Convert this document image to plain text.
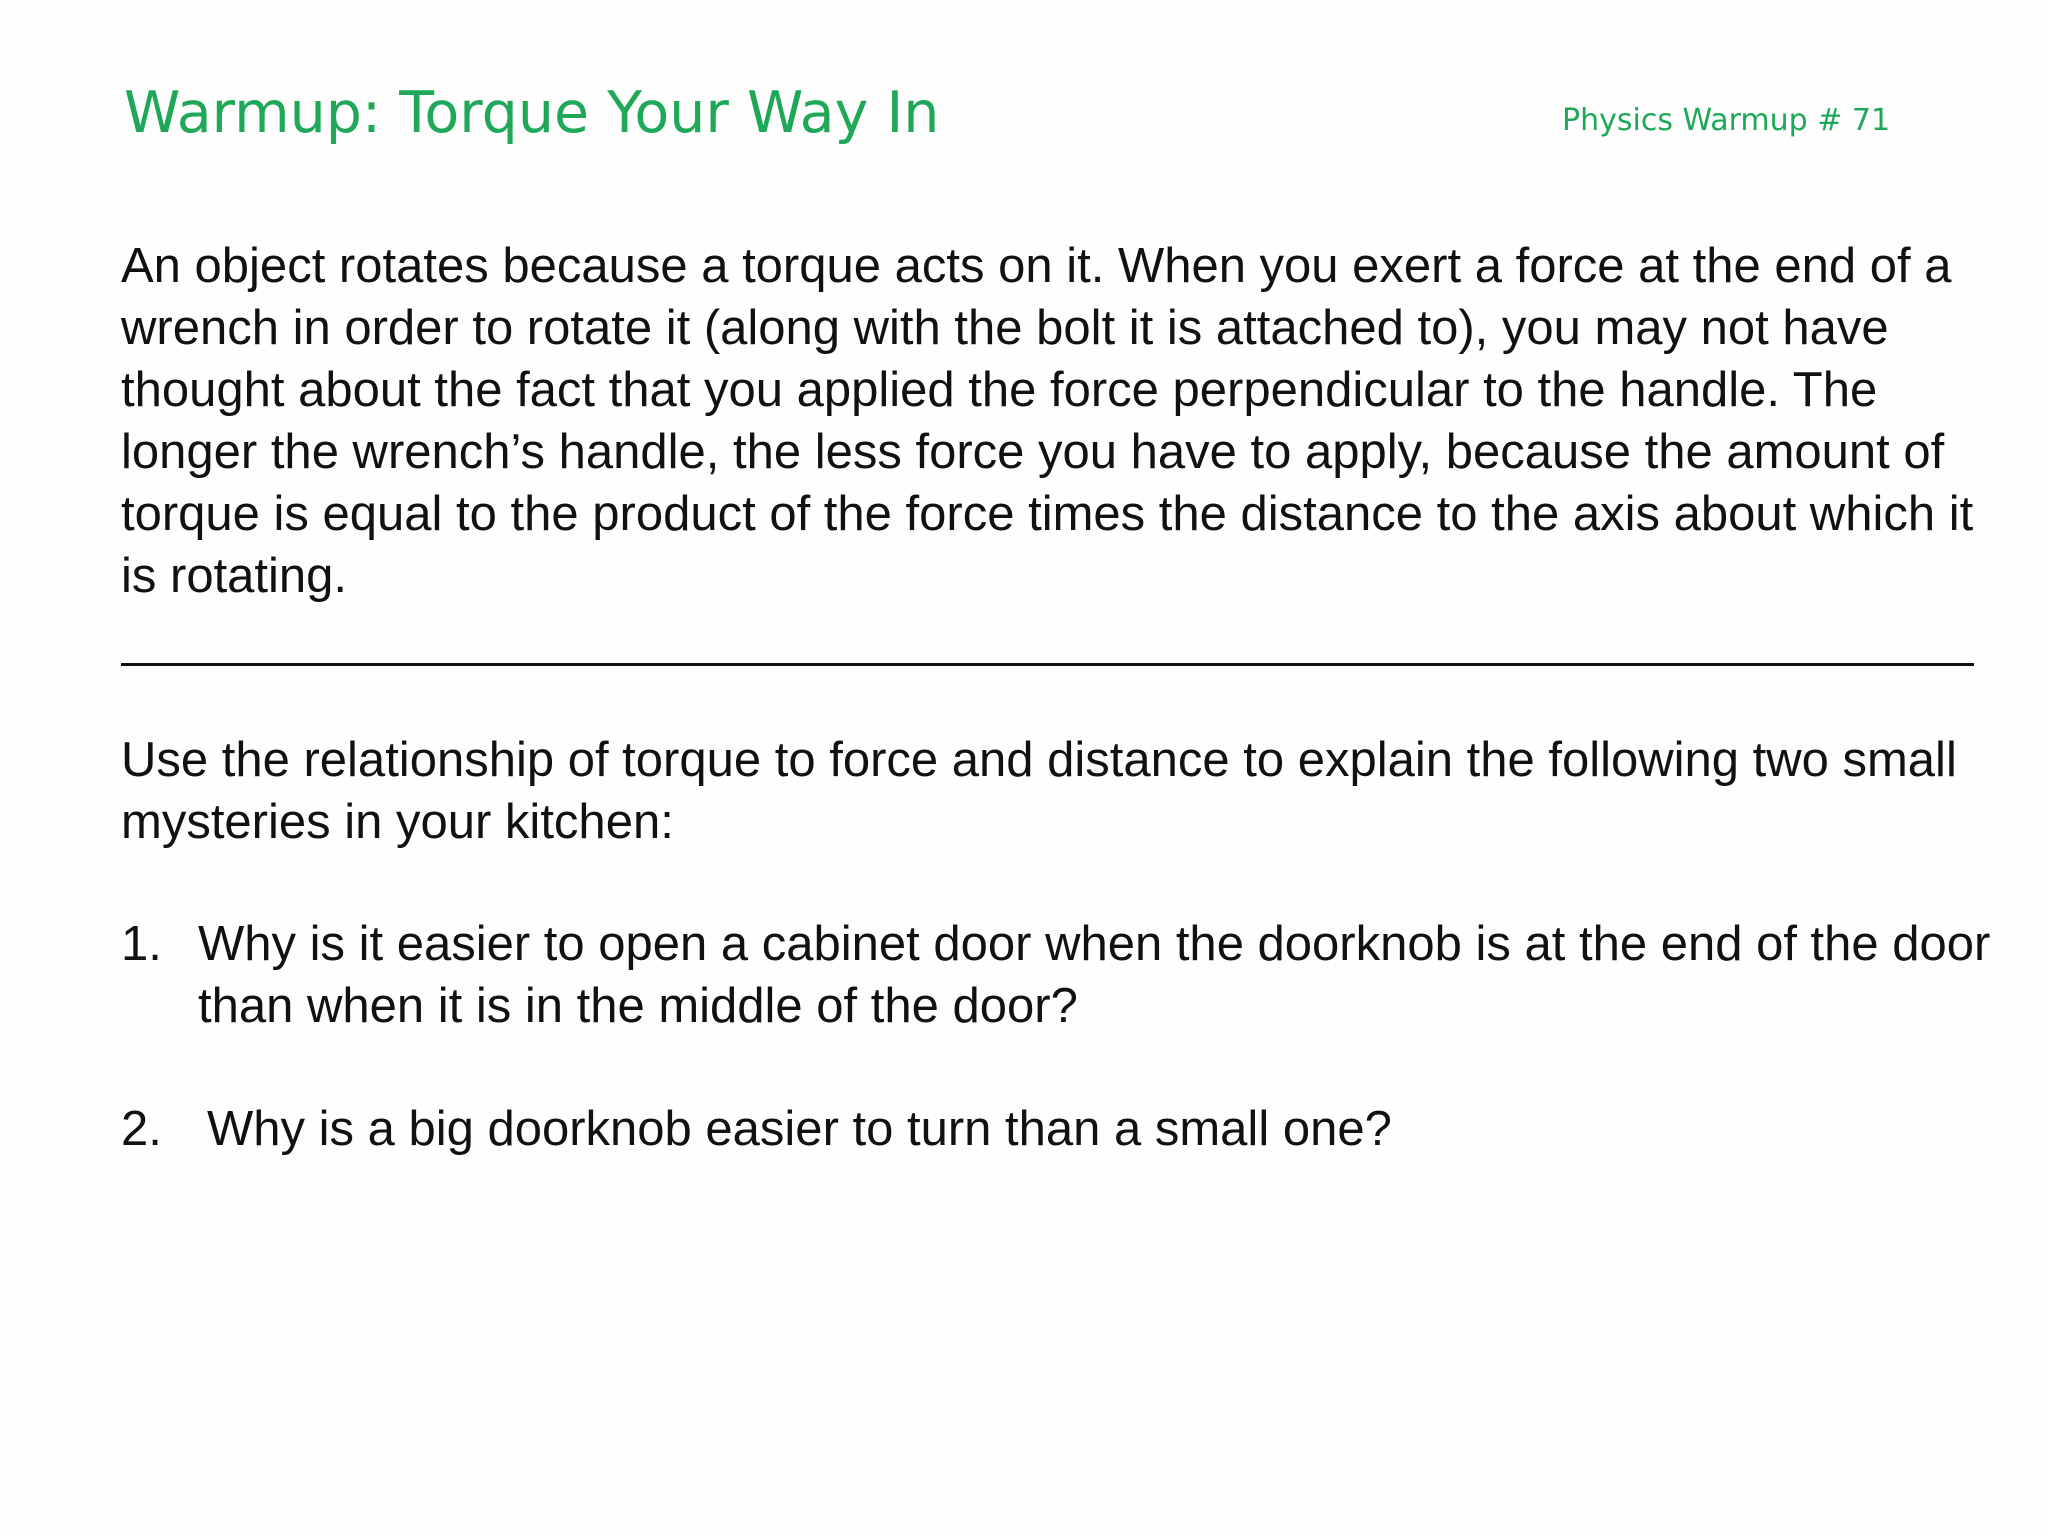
Warmup: Torque Your Way In	Physics Warmup # 71

An object rotates because a torque acts on it. When you exert a force at the end of a wrench in order to rotate it (along with the bolt it is attached to), you may not have thought about the fact that you applied the force perpendicular to the handle. The longer the wrench’s handle, the less force you have to apply, because the amount of torque is equal to the product of the force times the distance to the axis about which it is rotating.

Use the relationship of torque to force and distance to explain the following two small mysteries in your kitchen:

1. Why is it easier to open a cabinet door when the doorknob is at the end of the door than when it is in the middle of the door?
2. Why is a big doorknob easier to turn than a small one?
